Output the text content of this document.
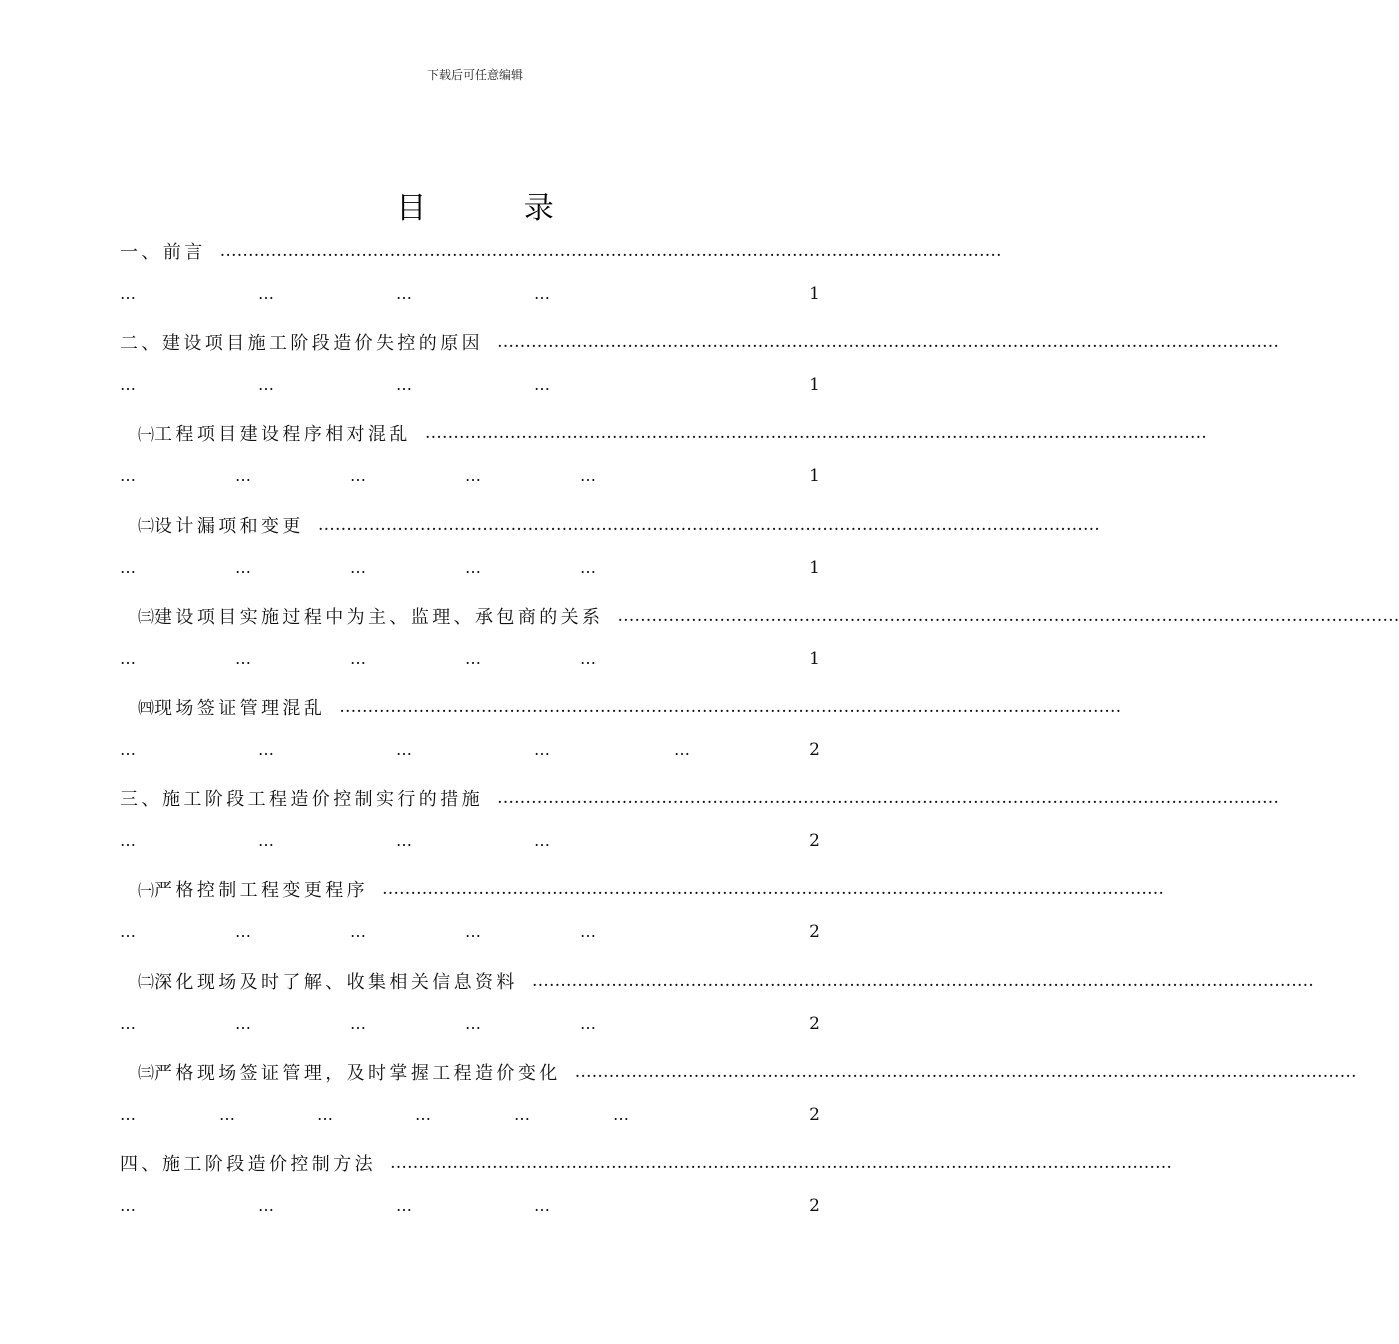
下载后可任意编辑
目 录
一、 前言 …………………………………………………………………………………………………………………………
…	…	…	…	1
二、 建设项目施工阶段造价失控的原因 …………………………………………………………………………………………………………………………
…	…	…	…	1
㈠ 工程项目建设程序相对混乱 …………………………………………………………………………………………………………………………
…	…	…	…	…	1
㈡ 设计漏项和变更 …………………………………………………………………………………………………………………………
…	…	…	…	…	1
㈢ 建设项目实施过程中为主、监理、承包商的关系 …………………………………………………………………………………………………………………………
…	…	…	…	…	1
㈣ 现场签证管理混乱 …………………………………………………………………………………………………………………………
…	…	…	…	…	2
三、 施工阶段工程造价控制实行的措施 …………………………………………………………………………………………………………………………
…	…	…	…	2
㈠ 严格控制工程变更程序 …………………………………………………………………………………………………………………………
…	…	…	…	…	2
㈡ 深化现场及时了解、收集相关信息资料 …………………………………………………………………………………………………………………………
…	…	…	…	…	2
㈢ 严格现场签证管理，及时掌握工程造价变化 …………………………………………………………………………………………………………………………
…	…	…	…	…	…	2
四、 施工阶段造价控制方法 …………………………………………………………………………………………………………………………
…	…	…	…	2
